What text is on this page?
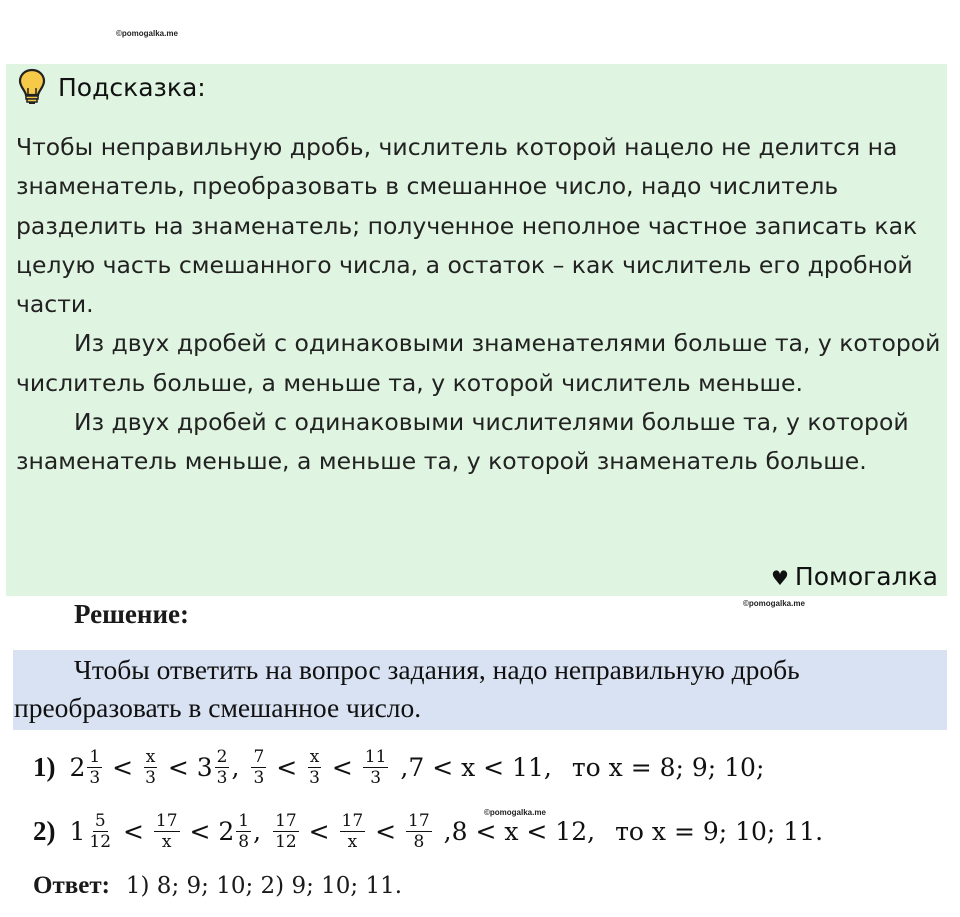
©pomogalka.me
Подсказка:

Чтобы неправильную дробь, числитель которой нацело не делится на знаменатель, преобразовать в смешанное число, надо числитель разделить на знаменатель; полученное неполное частное записать как целую часть смешанного числа, а остаток – как числитель его дробной части.

Из двух дробей с одинаковыми знаменателями больше та, у которой числитель больше, а меньше та, у которой числитель меньше.

Из двух дробей с одинаковыми числителями больше та, у которой знаменатель меньше, а меньше та, у которой знаменатель больше.

♥ Помогалка
©pomogalka.me
Решение:
Чтобы ответить на вопрос задания, надо неправильную дробь преобразовать в смешанное число.
1) $2 \frac{1}{3} < \frac{x}{3} < 3 \frac{2}{3}$ , $\frac{7}{3} < \frac{x}{3} < \frac{11}{3} ,7 < x < 11$, то x = 8; 9; 10;
©pomogalka.me
2) $1 \frac{5}{12} < \frac{17}{x} < 2 \frac{1}{8}$ , $\frac{17}{12} < \frac{17}{x} < \frac{17}{8} ,8 < x < 12$, то x = 9; 10; 11.
Ответ: 1) 8; 9; 10; 2) 9; 10; 11.
